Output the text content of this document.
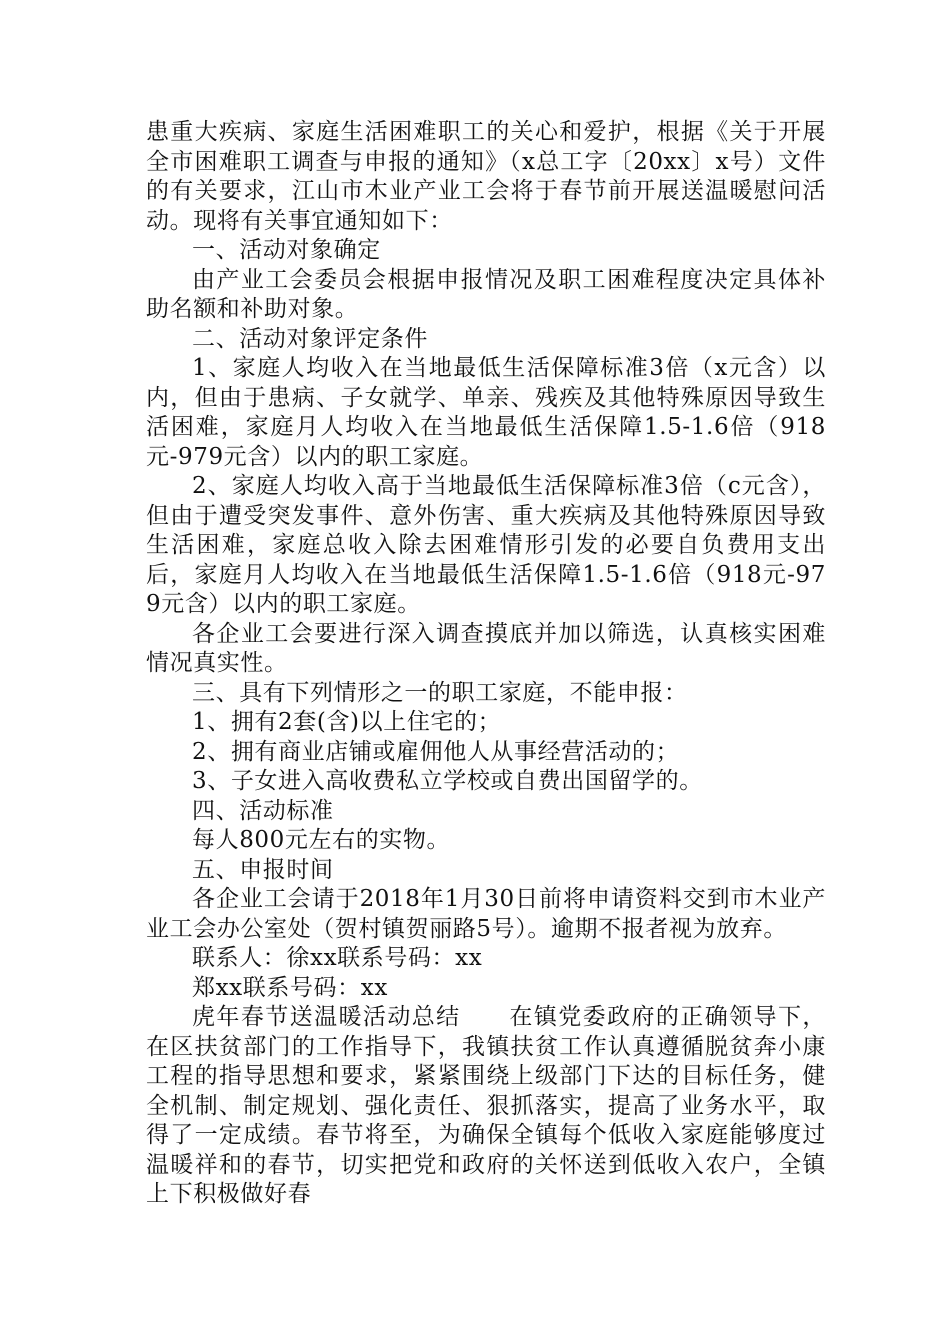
患重大疾病、家庭生活困难职工的关心和爱护，根据《关于开展全市困难职工调查与申报的通知》（x总工字〔20xx〕x号）文件的有关要求，江山市木业产业工会将于春节前开展送温暖慰问活动。现将有关事宜通知如下：

一、活动对象确定

由产业工会委员会根据申报情况及职工困难程度决定具体补助名额和补助对象。

二、活动对象评定条件

1、家庭人均收入在当地最低生活保障标准3倍（x元含）以内，但由于患病、子女就学、单亲、残疾及其他特殊原因导致生活困难，家庭月人均收入在当地最低生活保障1.5-1.6倍（918元-979元含）以内的职工家庭。

2、家庭人均收入高于当地最低生活保障标准3倍（c元含），但由于遭受突发事件、意外伤害、重大疾病及其他特殊原因导致生活困难，家庭总收入除去困难情形引发的必要自负费用支出后，家庭月人均收入在当地最低生活保障1.5-1.6倍（918元-979元含）以内的职工家庭。

各企业工会要进行深入调查摸底并加以筛选，认真核实困难情况真实性。

三、具有下列情形之一的职工家庭，不能申报：

1、拥有2套(含)以上住宅的；

2、拥有商业店铺或雇佣他人从事经营活动的；

3、子女进入高收费私立学校或自费出国留学的。

四、活动标准

每人800元左右的实物。

五、申报时间

各企业工会请于2018年1月30日前将申请资料交到市木业产业工会办公室处（贺村镇贺丽路5号）。逾期不报者视为放弃。

联系人：徐xx联系号码：xx

郑xx联系号码：xx

虎年春节送温暖活动总结　　在镇党委政府的正确领导下，在区扶贫部门的工作指导下，我镇扶贫工作认真遵循脱贫奔小康工程的指导思想和要求，紧紧围绕上级部门下达的目标任务，健全机制、制定规划、强化责任、狠抓落实，提高了业务水平，取得了一定成绩。春节将至，为确保全镇每个低收入家庭能够度过温暖祥和的春节，切实把党和政府的关怀送到低收入农户，全镇上下积极做好春
